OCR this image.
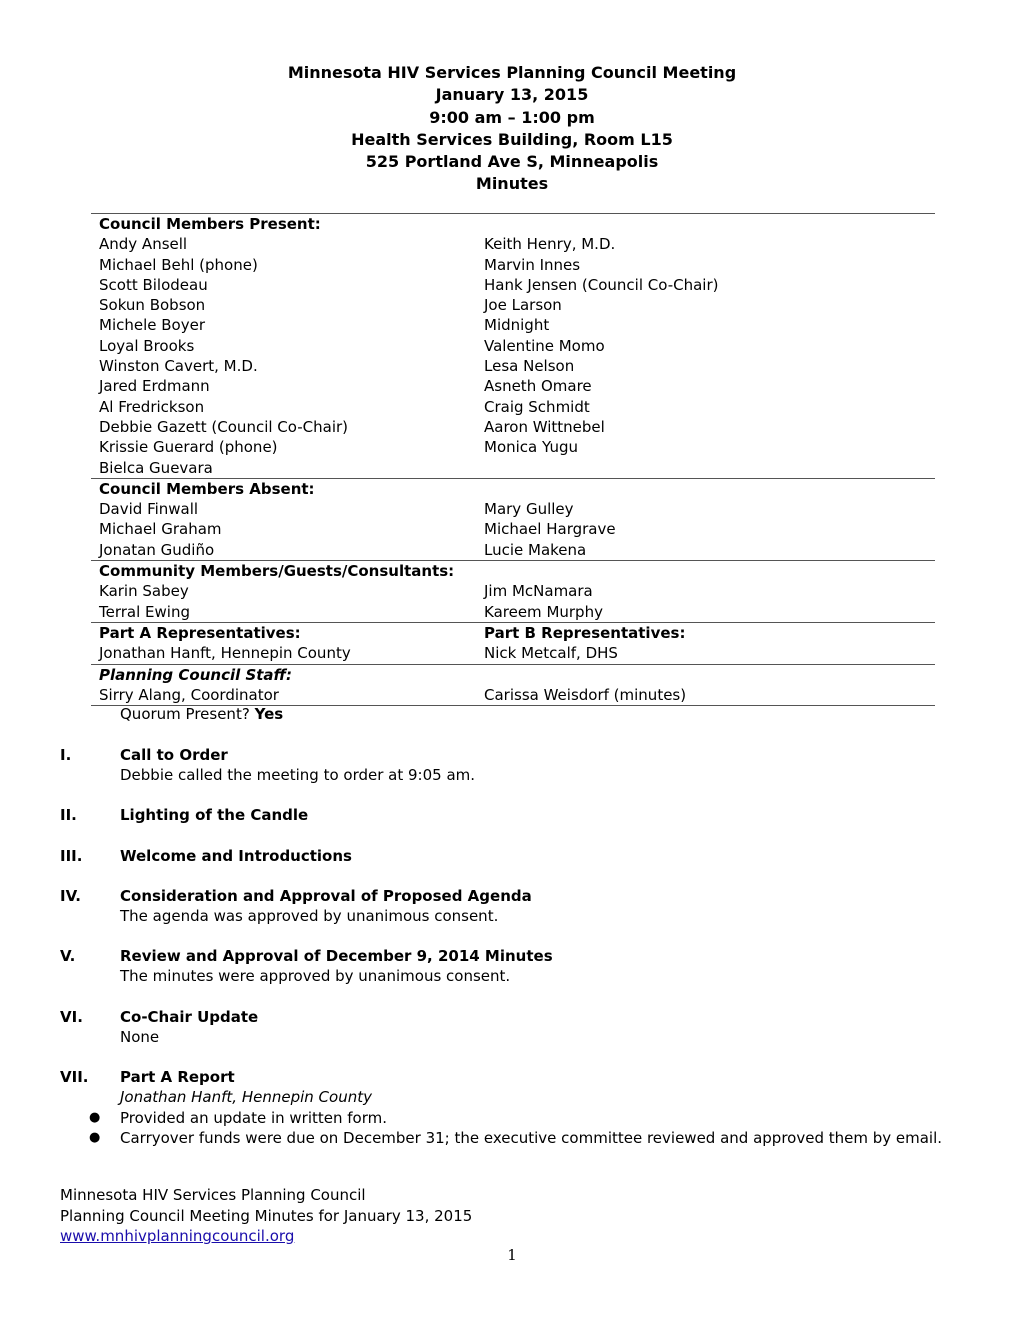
Minnesota HIV Services Planning Council Meeting
January 13, 2015
9:00 am – 1:00 pm
Health Services Building, Room L15
525 Portland Ave S, Minneapolis
Minutes
Council Members Present:
Andy Ansell	Keith Henry, M.D.
Michael Behl (phone)	Marvin Innes
Scott Bilodeau	Hank Jensen (Council Co-Chair)
Sokun Bobson	Joe Larson
Michele Boyer	Midnight
Loyal Brooks	Valentine Momo
Winston Cavert, M.D.	Lesa Nelson
Jared Erdmann	Asneth Omare
Al Fredrickson	Craig Schmidt
Debbie Gazett (Council Co-Chair)	Aaron Wittnebel
Krissie Guerard (phone)	Monica Yugu
Bielca Guevara
Council Members Absent:
David Finwall	Mary Gulley
Michael Graham	Michael Hargrave
Jonatan Gudiño	Lucie Makena
Community Members/Guests/Consultants:
Karin Sabey	Jim McNamara
Terral Ewing	Kareem Murphy
Part A Representatives:	Part B Representatives:
Jonathan Hanft, Hennepin County	Nick Metcalf, DHS
Planning Council Staff:
Sirry Alang, Coordinator	Carissa Weisdorf (minutes)
Quorum Present? Yes
I.	Call to Order
Debbie called the meeting to order at 9:05 am.
II.	Lighting of the Candle
III.	Welcome and Introductions
IV.	Consideration and Approval of Proposed Agenda
The agenda was approved by unanimous consent.
V.	Review and Approval of December 9, 2014 Minutes
The minutes were approved by unanimous consent.
VI. Co-Chair Update
None
VII. Part A Report
Jonathan Hanft, Hennepin County
● Provided an update in written form.
● Carryover funds were due on December 31; the executive committee reviewed and approved them by email.
Minnesota HIV Services Planning Council
Planning Council Meeting Minutes for January 13, 2015
www.mnhivplanningcouncil.org
1
